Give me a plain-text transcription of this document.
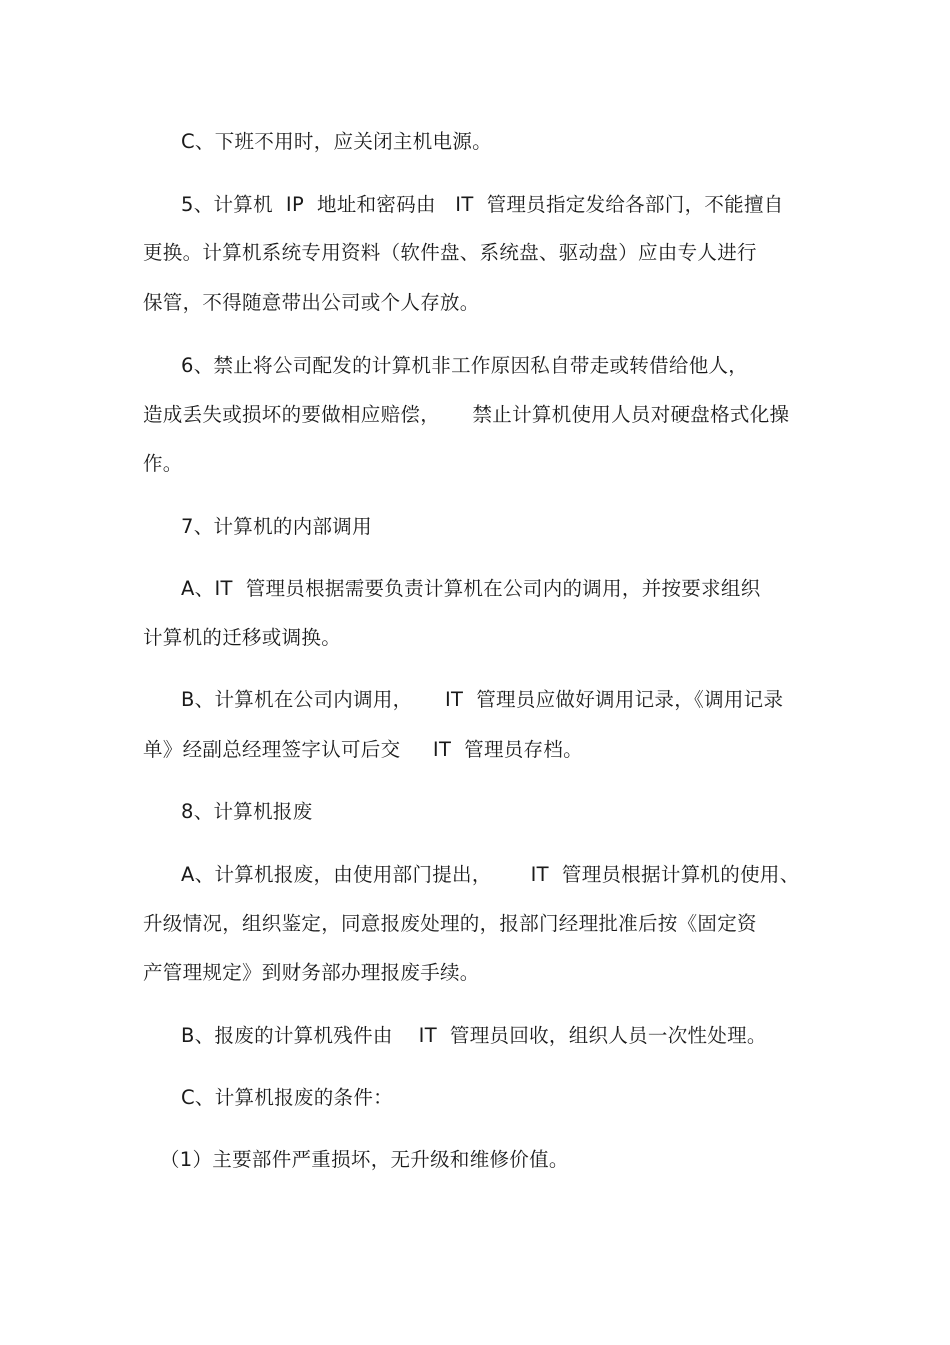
C、下班不用时，应关闭主机电源。
5、计算机  IP  地址和密码由   IT  管理员指定发给各部门，不能擅自
更换。计算机系统专用资料（软件盘、系统盘、驱动盘）应由专人进行
保管，不得随意带出公司或个人存放。
6、禁止将公司配发的计算机非工作原因私自带走或转借给他人，
造成丢失或损坏的要做相应赔偿，     禁止计算机使用人员对硬盘格式化操
作。
7、计算机的内部调用
A、IT  管理员根据需要负责计算机在公司内的调用，并按要求组织
计算机的迁移或调换。
B、计算机在公司内调用，     IT  管理员应做好调用记录，《调用记录
单》经副总经理签字认可后交     IT  管理员存档。
8、计算机报废
A、计算机报废，由使用部门提出，      IT  管理员根据计算机的使用、
升级情况，组织鉴定，同意报废处理的，报部门经理批准后按《固定资
产管理规定》到财务部办理报废手续。
B、报废的计算机残件由    IT  管理员回收，组织人员一次性处理。
C、计算机报废的条件：
（1）主要部件严重损坏，无升级和维修价值。
